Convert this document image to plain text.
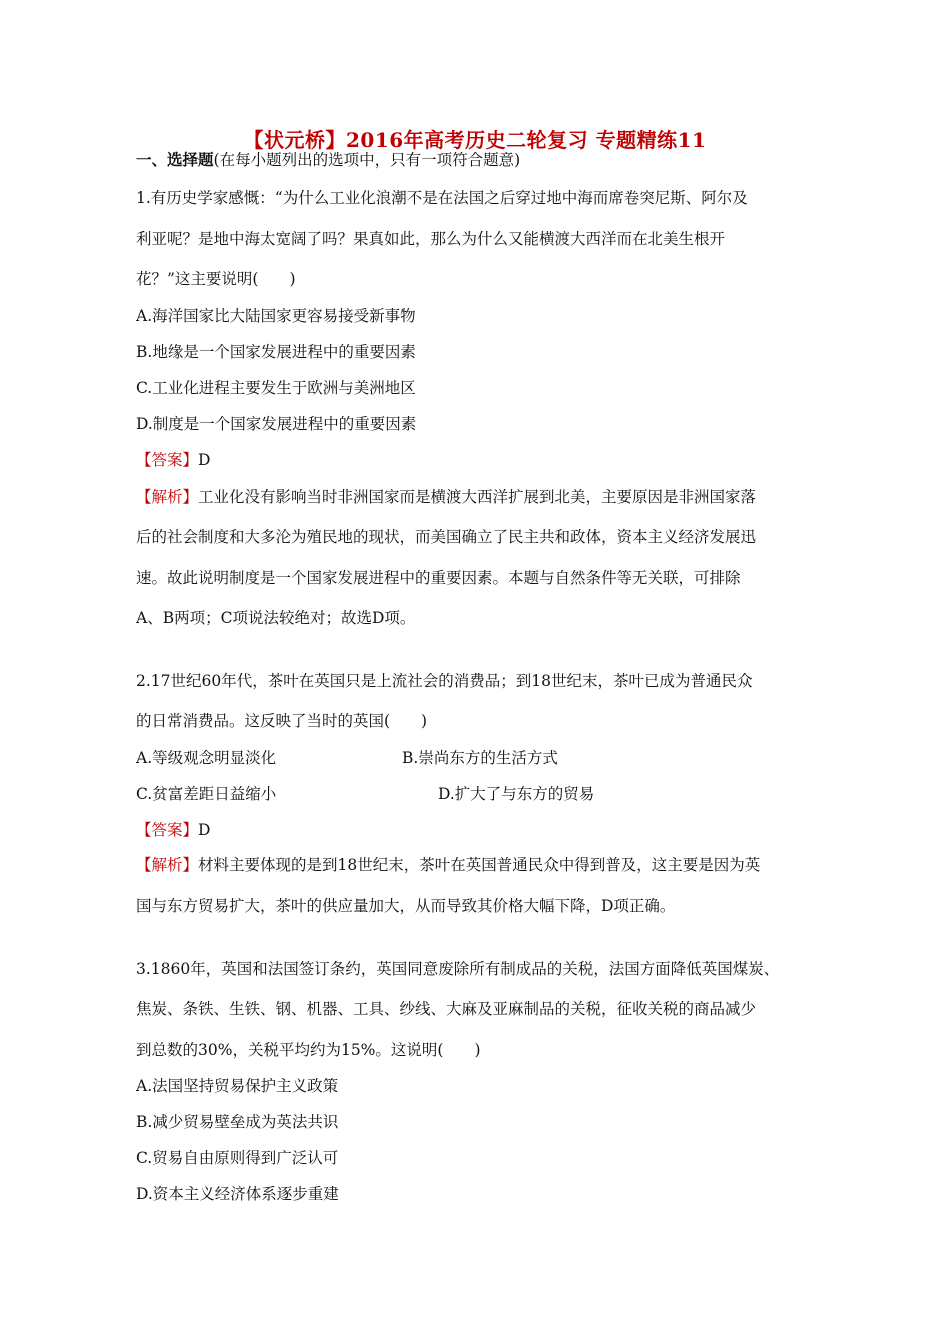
【状元桥】2016年高考历史二轮复习 专题精练11
一、选择题(在每小题列出的选项中，只有一项符合题意)
1.有历史学家感慨：“为什么工业化浪潮不是在法国之后穿过地中海而席卷突尼斯、阿尔及
利亚呢？是地中海太宽阔了吗？果真如此，那么为什么又能横渡大西洋而在北美生根开
花？”这主要说明(　　)
A.海洋国家比大陆国家更容易接受新事物
B.地缘是一个国家发展进程中的重要因素
C.工业化进程主要发生于欧洲与美洲地区
D.制度是一个国家发展进程中的重要因素
【答案】D
【解析】工业化没有影响当时非洲国家而是横渡大西洋扩展到北美，主要原因是非洲国家落
后的社会制度和大多沦为殖民地的现状，而美国确立了民主共和政体，资本主义经济发展迅
速。故此说明制度是一个国家发展进程中的重要因素。本题与自然条件等无关联，可排除
A、B两项；C项说法较绝对；故选D项。
2.17世纪60年代，茶叶在英国只是上流社会的消费品；到18世纪末，茶叶已成为普通民众
的日常消费品。这反映了当时的英国(　　)
A.等级观念明显淡化	B.崇尚东方的生活方式
C.贫富差距日益缩小	D.扩大了与东方的贸易
【答案】D
【解析】材料主要体现的是到18世纪末，茶叶在英国普通民众中得到普及，这主要是因为英
国与东方贸易扩大，茶叶的供应量加大，从而导致其价格大幅下降，D项正确。
3.1860年，英国和法国签订条约，英国同意废除所有制成品的关税，法国方面降低英国煤炭、
焦炭、条铁、生铁、钢、机器、工具、纱线、大麻及亚麻制品的关税，征收关税的商品减少
到总数的30%，关税平均约为15%。这说明(　　)
A.法国坚持贸易保护主义政策
B.减少贸易壁垒成为英法共识
C.贸易自由原则得到广泛认可
D.资本主义经济体系逐步重建
